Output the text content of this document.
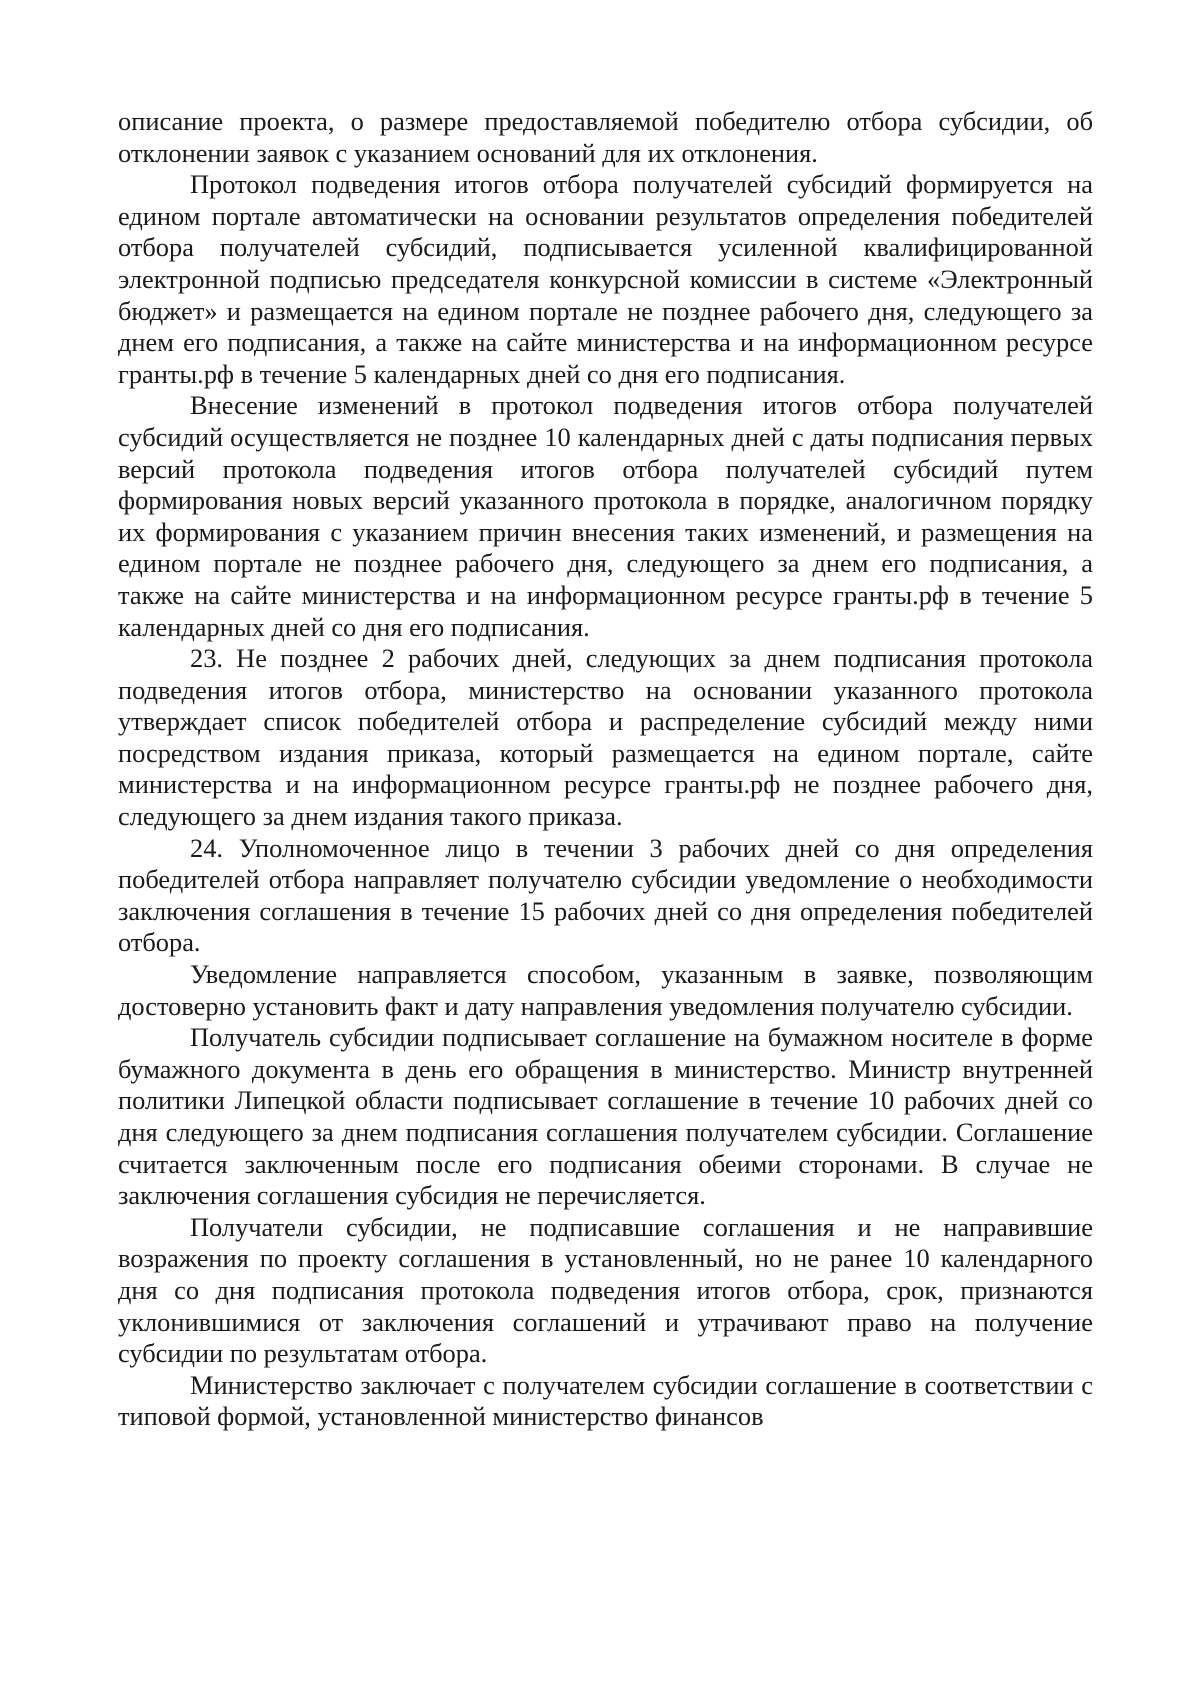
описание проекта, о размере предоставляемой победителю отбора субсидии, об отклонении заявок с указанием оснований для их отклонения.

Протокол подведения итогов отбора получателей субсидий формируется на едином портале автоматически на основании результатов определения победителей отбора получателей субсидий, подписывается усиленной квалифицированной электронной подписью председателя конкурсной комиссии в системе «Электронный бюджет» и размещается на едином портале не позднее рабочего дня, следующего за днем его подписания, а также на сайте министерства и на информационном ресурсе гранты.рф в течение 5 календарных дней со дня его подписания.

Внесение изменений в протокол подведения итогов отбора получателей субсидий осуществляется не позднее 10 календарных дней с даты подписания первых версий протокола подведения итогов отбора получателей субсидий путем формирования новых версий указанного протокола в порядке, аналогичном порядку их формирования с указанием причин внесения таких изменений, и размещения на едином портале не позднее рабочего дня, следующего за днем его подписания, а также на сайте министерства и на информационном ресурсе гранты.рф в течение 5 календарных дней со дня его подписания.

23. Не позднее 2 рабочих дней, следующих за днем подписания протокола подведения итогов отбора, министерство на основании указанного протокола утверждает список победителей отбора и распределение субсидий между ними посредством издания приказа, который размещается на едином портале, сайте министерства и на информационном ресурсе гранты.рф не позднее рабочего дня, следующего за днем издания такого приказа.

24. Уполномоченное лицо в течении 3 рабочих дней со дня определения победителей отбора направляет получателю субсидии уведомление о необходимости заключения соглашения в течение 15 рабочих дней со дня определения победителей отбора.

Уведомление направляется способом, указанным в заявке, позволяющим достоверно установить факт и дату направления уведомления получателю субсидии.

Получатель субсидии подписывает соглашение на бумажном носителе в форме бумажного документа в день его обращения в министерство. Министр внутренней политики Липецкой области подписывает соглашение в течение 10 рабочих дней со дня следующего за днем подписания соглашения получателем субсидии. Соглашение считается заключенным после его подписания обеими сторонами. В случае не заключения соглашения субсидия не перечисляется.

Получатели субсидии, не подписавшие соглашения и не направившие возражения по проекту соглашения в установленный, но не ранее 10 календарного дня со дня подписания протокола подведения итогов отбора, срок, признаются уклонившимися от заключения соглашений и утрачивают право на получение субсидии по результатам отбора.

Министерство заключает с получателем субсидии соглашение в соответствии с типовой формой, установленной министерство финансов
